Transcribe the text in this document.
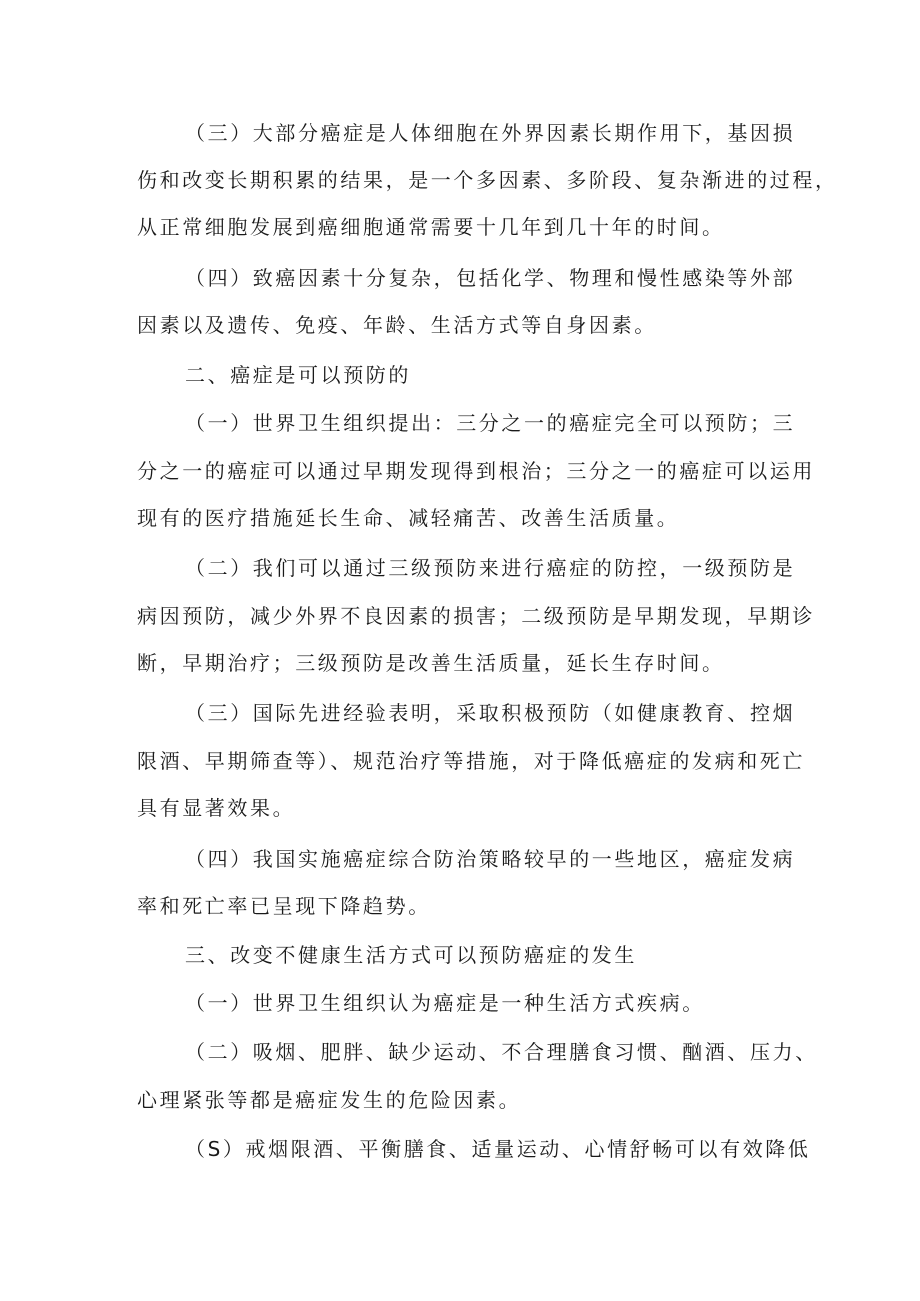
（三）大部分癌症是人体细胞在外界因素长期作用下，基因损
伤和改变长期积累的结果，是一个多因素、多阶段、复杂渐进的过程，
从正常细胞发展到癌细胞通常需要十几年到几十年的时间。
（四）致癌因素十分复杂，包括化学、物理和慢性感染等外部
因素以及遗传、免疫、年龄、生活方式等自身因素。
二、癌症是可以预防的
（一）世界卫生组织提出：三分之一的癌症完全可以预防；三
分之一的癌症可以通过早期发现得到根治；三分之一的癌症可以运用
现有的医疗措施延长生命、减轻痛苦、改善生活质量。
（二）我们可以通过三级预防来进行癌症的防控，一级预防是
病因预防，减少外界不良因素的损害；二级预防是早期发现，早期诊
断，早期治疗；三级预防是改善生活质量，延长生存时间。
（三）国际先进经验表明，采取积极预防（如健康教育、控烟
限酒、早期筛查等）、规范治疗等措施，对于降低癌症的发病和死亡
具有显著效果。
（四）我国实施癌症综合防治策略较早的一些地区，癌症发病
率和死亡率已呈现下降趋势。
三、改变不健康生活方式可以预防癌症的发生
（一）世界卫生组织认为癌症是一种生活方式疾病。
（二）吸烟、肥胖、缺少运动、不合理膳食习惯、酗酒、压力、
心理紧张等都是癌症发生的危险因素。
（S）戒烟限酒、平衡膳食、适量运动、心情舒畅可以有效降低
